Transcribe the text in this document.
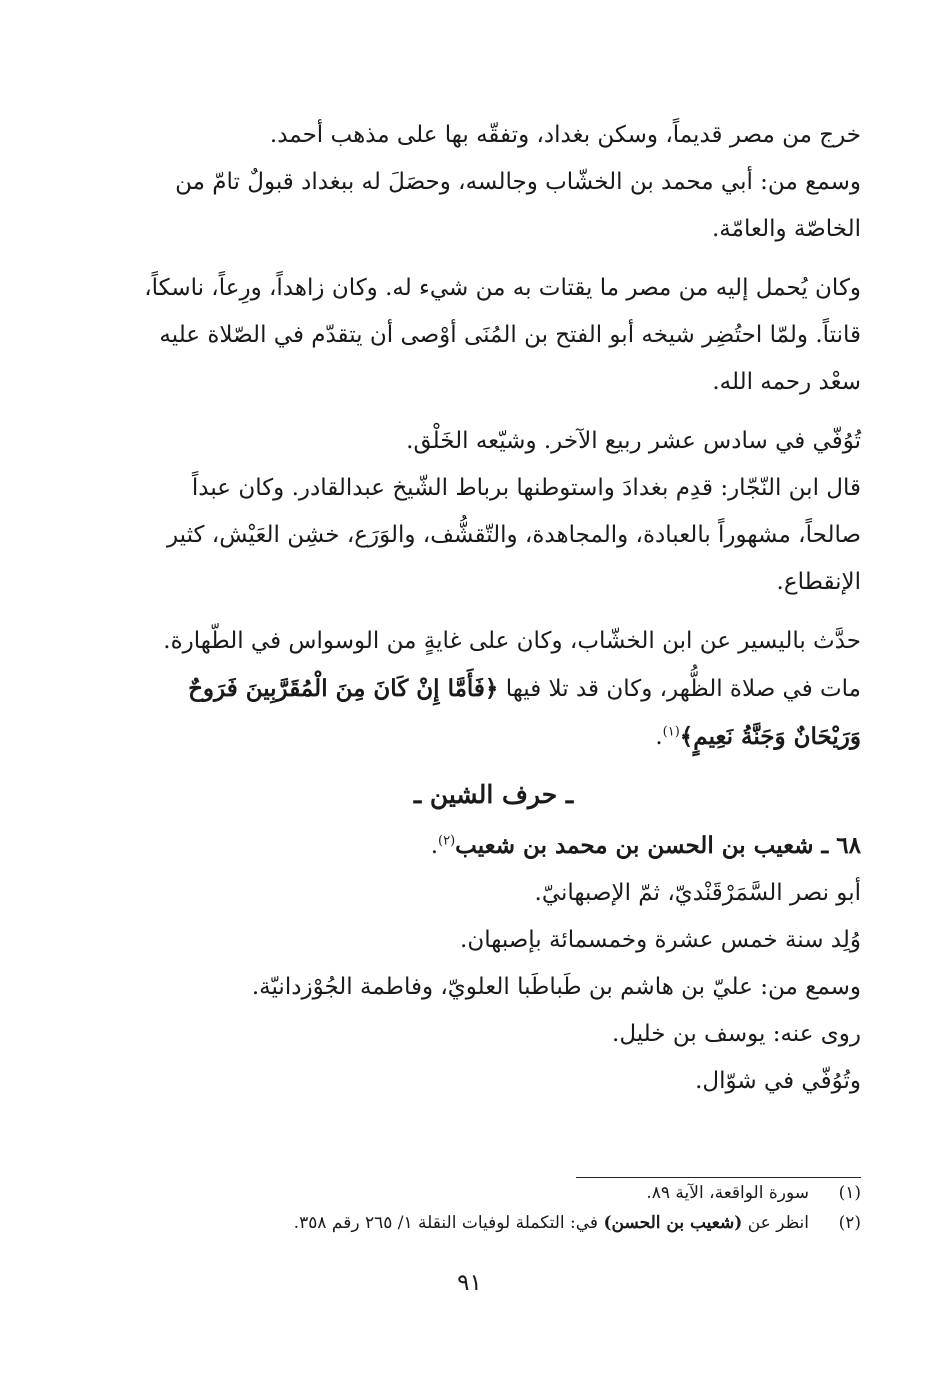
خرج من مصر قديماً، وسكن بغداد، وتفقّه بها على مذهب أحمد.

وسمع من: أبي محمد بن الخشّاب وجالسه، وحصَلَ له ببغداد قبولٌ تامّ من الخاصّة والعامّة.

وكان يُحمل إليه من مصر ما يقتات به من شيء له. وكان زاهداً، ورِعاً، ناسكاً، قانتاً. ولمّا احتُضِر شيخه أبو الفتح بن المُنَى أوْصى أن يتقدّم في الصّلاة عليه سعْد رحمه الله.

تُوُفّي في سادس عشر ربيع الآخر. وشيّعه الخَلْق.

قال ابن النّجّار: قدِم بغدادَ واستوطنها برباط الشّيخ عبدالقادر. وكان عبداً صالحاً، مشهوراً بالعبادة، والمجاهدة، والتّقشُّف، والوَرَع، خشِن العَيْش، كثير الإنقطاع.

حدَّث باليسير عن ابن الخشّاب، وكان على غايةٍ من الوسواس في الطّهارة.

مات في صلاة الظُّهر، وكان قد تلا فيها ﴿فَأَمَّا إِنْ كَانَ مِنَ الْمُقَرَّبِينَ فَرَوحٌ وَرَيْحَانٌ وَجَنَّةُ نَعِيمٍ﴾$^{(١)}$.

ـ حرف الشين ـ

٦٨ ـ شعيب بن الحسن بن محمد بن شعيب$^{(٢)}$.

أبو نصر السَّمَرْقَنْديّ، ثمّ الإصبهانيّ.

وُلِد سنة خمس عشرة وخمسمائة بإصبهان.

وسمع من: عليّ بن هاشم بن طَباطَبا العلويّ، وفاطمة الجُوْزدانيّة.

روى عنه: يوسف بن خليل.

وتُوُفّي في شوّال.

(١)
سورة الواقعة، الآية ٨٩.
(٢)
انظر عن (شعيب بن الحسن) في: التكملة لوفيات النقلة ١/ ٢٦٥ رقم ٣٥٨.
٩١
